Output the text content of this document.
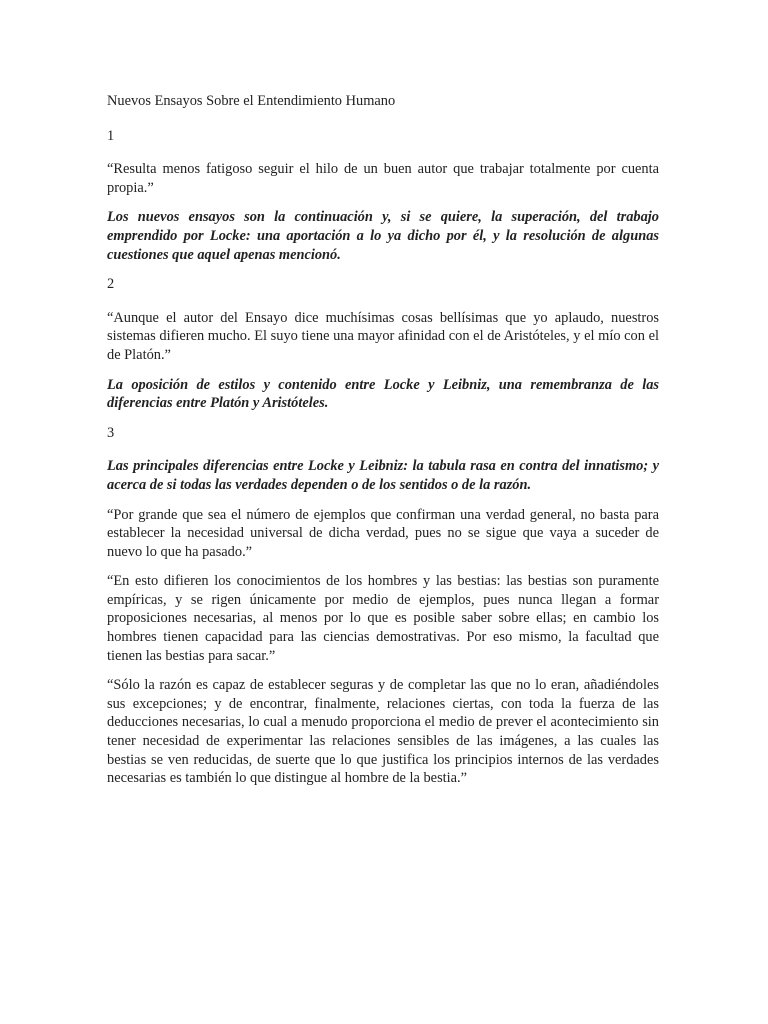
Nuevos Ensayos Sobre el Entendimiento Humano

1

“Resulta menos fatigoso seguir el hilo de un buen autor que trabajar totalmente por cuenta propia.”

Los nuevos ensayos son la continuación y, si se quiere, la superación, del trabajo emprendido por Locke: una aportación a lo ya dicho por él, y la resolución de algunas cuestiones que aquel apenas mencionó.

2

“Aunque el autor del Ensayo dice muchísimas cosas bellísimas que yo aplaudo, nuestros sistemas difieren mucho. El suyo tiene una mayor afinidad con el de Aristóteles, y el mío con el de Platón.”

La oposición de estilos y contenido entre Locke y Leibniz, una remembranza de las diferencias entre Platón y Aristóteles.

3

Las principales diferencias entre Locke y Leibniz: la tabula rasa en contra del innatismo; y acerca de si todas las verdades dependen o de los sentidos o de la razón.

“Por grande que sea el número de ejemplos que confirman una verdad general, no basta para establecer la necesidad universal de dicha verdad, pues no se sigue que vaya a suceder de nuevo lo que ha pasado.”

“En esto difieren los conocimientos de los hombres y las bestias: las bestias son puramente empíricas, y se rigen únicamente por medio de ejemplos, pues nunca llegan a formar proposiciones necesarias, al menos por lo que es posible saber sobre ellas; en cambio los hombres tienen capacidad para las ciencias demostrativas. Por eso mismo, la facultad que tienen las bestias para sacar.”

“Sólo la razón es capaz de establecer seguras y de completar las que no lo eran, añadiéndoles sus excepciones; y de encontrar, finalmente, relaciones ciertas, con toda la fuerza de las deducciones necesarias, lo cual a menudo proporciona el medio de prever el acontecimiento sin tener necesidad de experimentar las relaciones sensibles de las imágenes, a las cuales las bestias se ven reducidas, de suerte que lo que justifica los principios internos de las verdades necesarias es también lo que distingue al hombre de la bestia.”
